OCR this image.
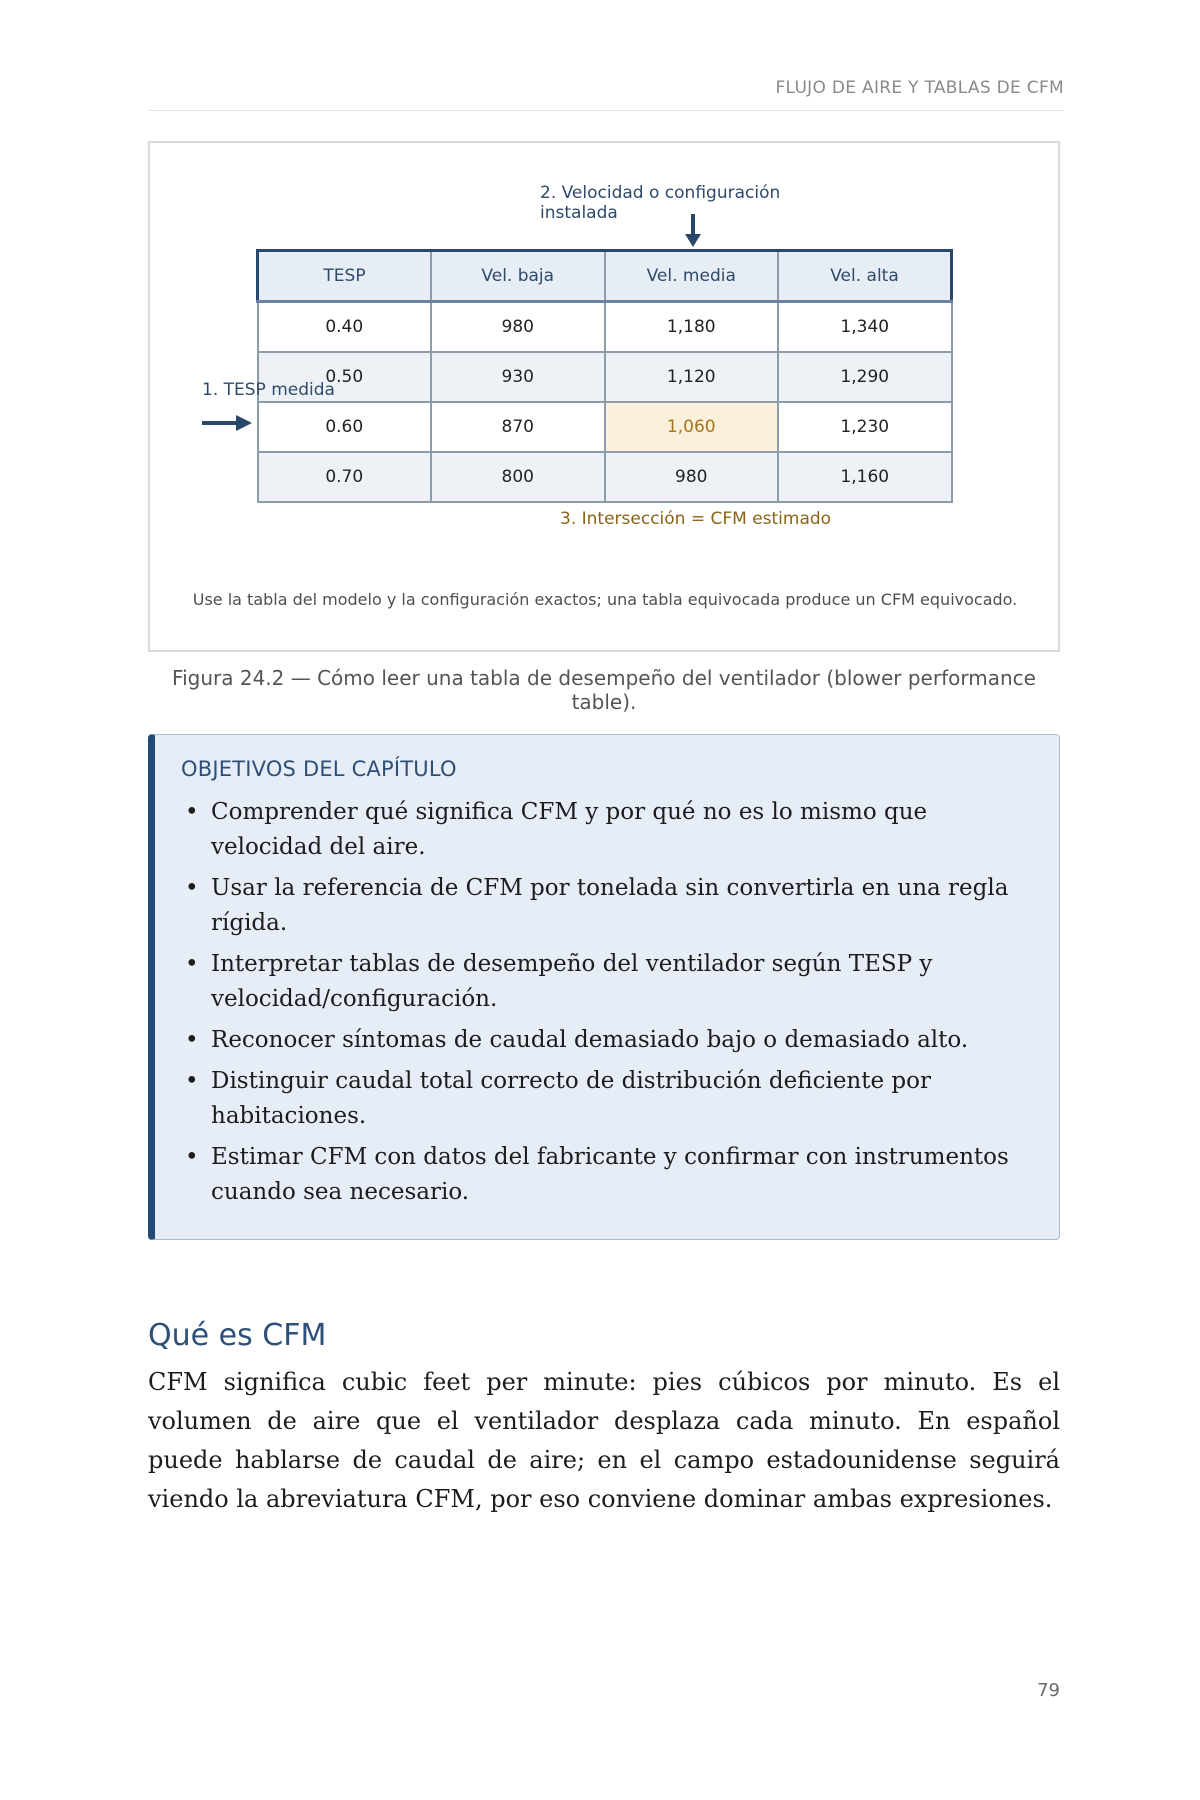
FLUJO DE AIRE Y TABLAS DE CFM
2. Velocidad o configuración instalada
TESP	Vel. baja	Vel. media	Vel. alta
0.40	980	1,180	1,340
0.50	930	1,120	1,290
0.60	870	1,060	1,230
0.70	800	980	1,160
1. TESP medida
3. Intersección = CFM estimado
Use la tabla del modelo y la configuración exactos; una tabla equivocada produce un CFM equivocado.
Figura 24.2 — Cómo leer una tabla de desempeño del ventilador (blower performance table).
OBJETIVOS DEL CAPÍTULO
• Comprender qué significa CFM y por qué no es lo mismo que velocidad del aire.
• Usar la referencia de CFM por tonelada sin convertirla en una regla rígida.
• Interpretar tablas de desempeño del ventilador según TESP y velocidad/configuración.
• Reconocer síntomas de caudal demasiado bajo o demasiado alto.
• Distinguir caudal total correcto de distribución deficiente por habitaciones.
• Estimar CFM con datos del fabricante y confirmar con instrumentos cuando sea necesario.
Qué es CFM

CFM significa cubic feet per minute: pies cúbicos por minuto. Es el volumen de aire que el ventilador desplaza cada minuto. En español puede hablarse de caudal de aire; en el campo estadounidense seguirá viendo la abreviatura CFM, por eso conviene dominar ambas expresiones.

79
